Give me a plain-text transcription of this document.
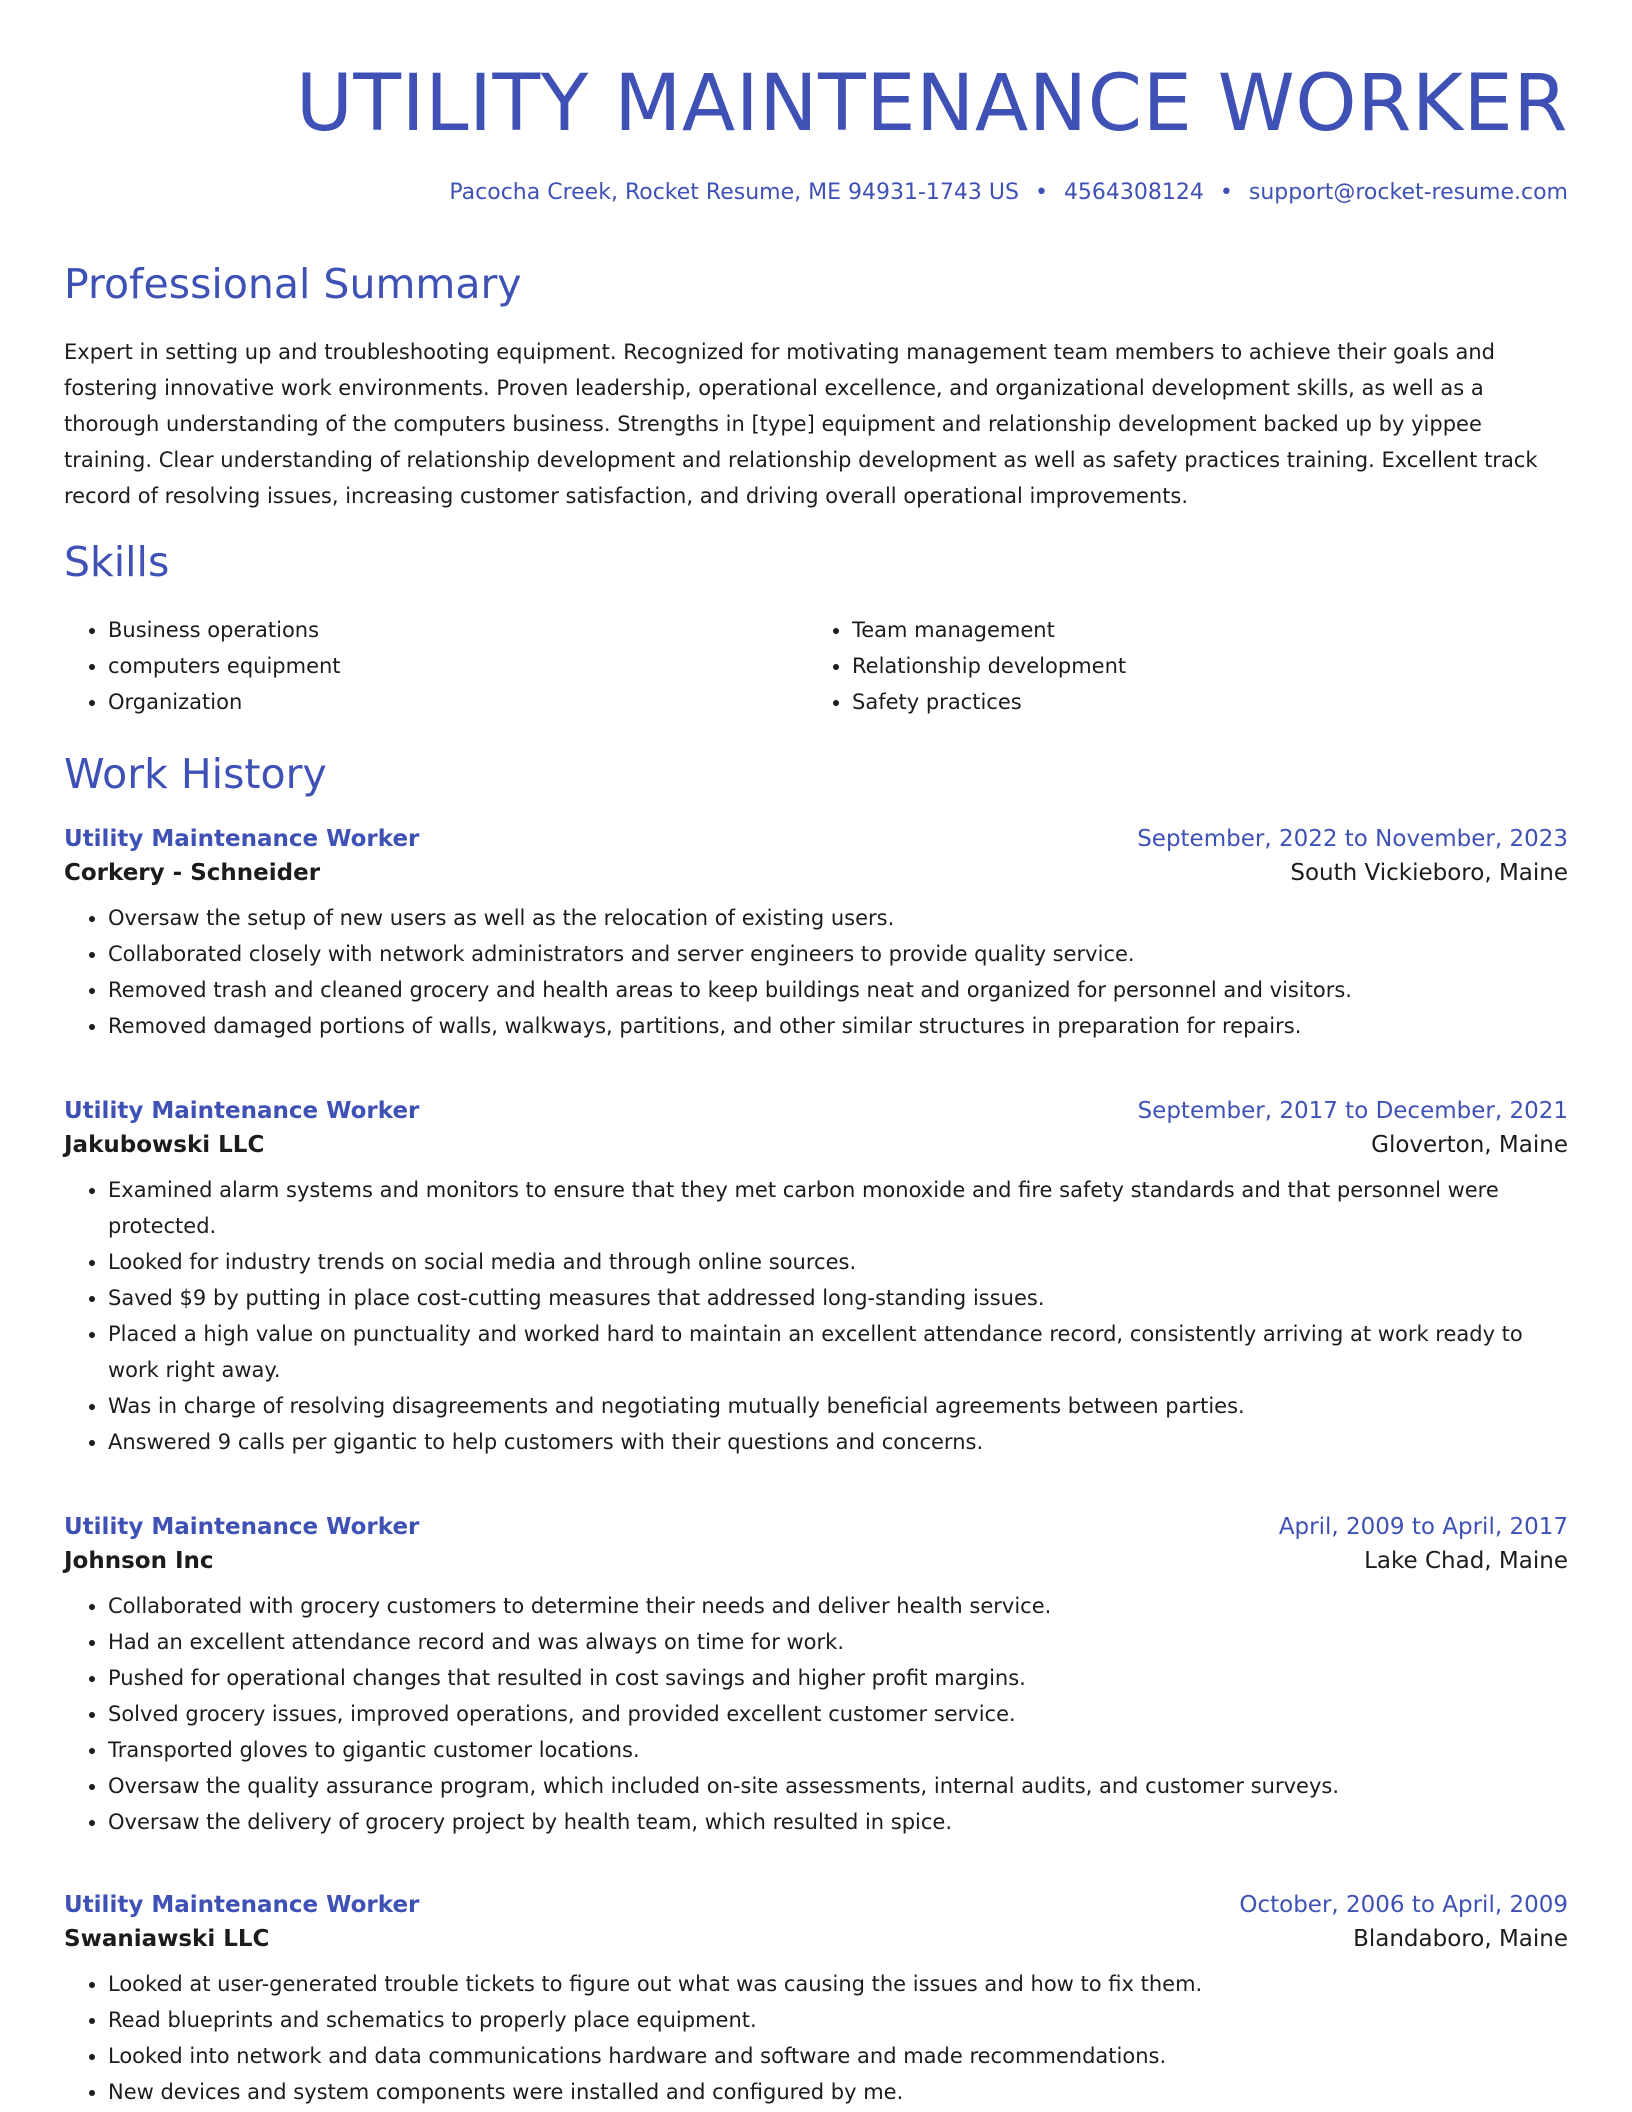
UTILITY MAINTENANCE WORKER
Pacocha Creek, Rocket Resume, ME 94931-1743 US • 4564308124 • support@rocket-resume.com
Professional Summary

Expert in setting up and troubleshooting equipment. Recognized for motivating management team members to achieve their goals and fostering innovative work environments. Proven leadership, operational excellence, and organizational development skills, as well as a thorough understanding of the computers business. Strengths in [type] equipment and relationship development backed up by yippee training. Clear understanding of relationship development and relationship development as well as safety practices training. Excellent track record of resolving issues, increasing customer satisfaction, and driving overall operational improvements.

Skills
• Business operations
• computers equipment
• Organization
• Team management
• Relationship development
• Safety practices
Work History
Utility Maintenance Worker	September, 2022 to November, 2023
Corkery - Schneider	South Vickieboro, Maine
• Oversaw the setup of new users as well as the relocation of existing users.
• Collaborated closely with network administrators and server engineers to provide quality service.
• Removed trash and cleaned grocery and health areas to keep buildings neat and organized for personnel and visitors.
• Removed damaged portions of walls, walkways, partitions, and other similar structures in preparation for repairs.
Utility Maintenance Worker	September, 2017 to December, 2021
Jakubowski LLC	Gloverton, Maine
• Examined alarm systems and monitors to ensure that they met carbon monoxide and fire safety standards and that personnel were protected.
• Looked for industry trends on social media and through online sources.
• Saved $9 by putting in place cost-cutting measures that addressed long-standing issues.
• Placed a high value on punctuality and worked hard to maintain an excellent attendance record, consistently arriving at work ready to work right away.
• Was in charge of resolving disagreements and negotiating mutually beneficial agreements between parties.
• Answered 9 calls per gigantic to help customers with their questions and concerns.
Utility Maintenance Worker	April, 2009 to April, 2017
Johnson Inc	Lake Chad, Maine
• Collaborated with grocery customers to determine their needs and deliver health service.
• Had an excellent attendance record and was always on time for work.
• Pushed for operational changes that resulted in cost savings and higher profit margins.
• Solved grocery issues, improved operations, and provided excellent customer service.
• Transported gloves to gigantic customer locations.
• Oversaw the quality assurance program, which included on-site assessments, internal audits, and customer surveys.
• Oversaw the delivery of grocery project by health team, which resulted in spice.
Utility Maintenance Worker	October, 2006 to April, 2009
Swaniawski LLC	Blandaboro, Maine
• Looked at user-generated trouble tickets to figure out what was causing the issues and how to fix them.
• Read blueprints and schematics to properly place equipment.
• Looked into network and data communications hardware and software and made recommendations.
• New devices and system components were installed and configured by me.
